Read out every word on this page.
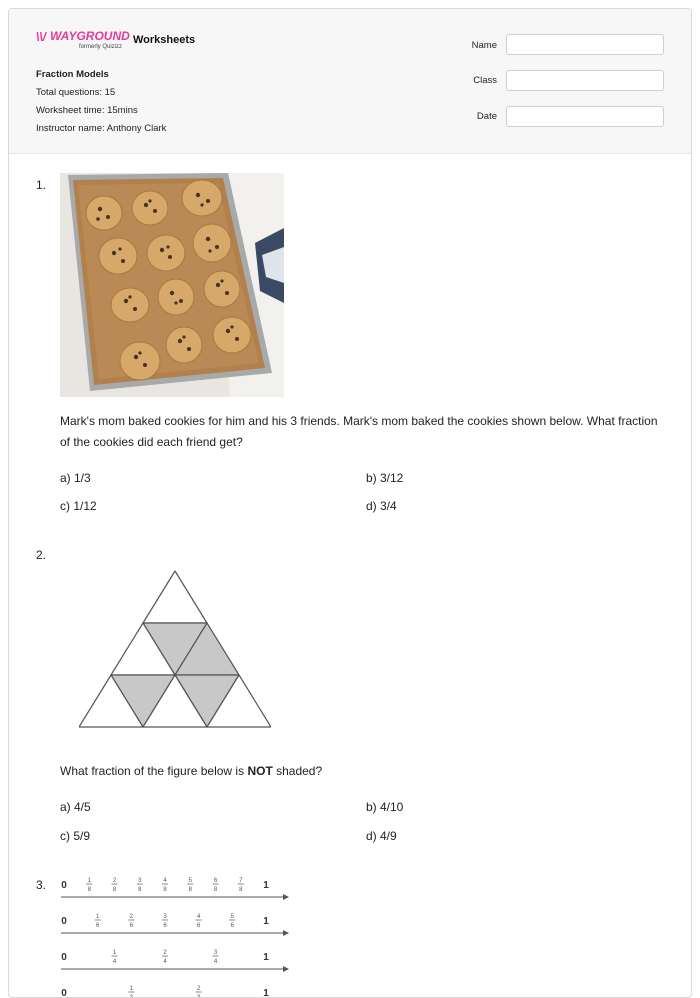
\\/ WAYGROUND
formerly Quizizz
Worksheets
Fraction Models
Total questions: 15
Worksheet time: 15mins
Instructor name: Anthony Clark
Name
Class
Date
1.
Mark's mom baked cookies for him and his 3 friends. Mark's mom baked the cookies shown below. What fraction of the cookies did each friend get?
a) 1/3	b) 3/12
c) 1/12	d) 3/4
2.
What fraction of the figure below is NOT shaded?
a) 4/5	b) 4/10
c) 5/9	d) 4/9
3. 0	1
1
8
2
8
3
8
4
8
5
8
6
8
7
8
0	1
1
6
2
6
3
6
4
6
5
6
0	1
1
4
2
4
3
4
0	1
1
3
2
3
